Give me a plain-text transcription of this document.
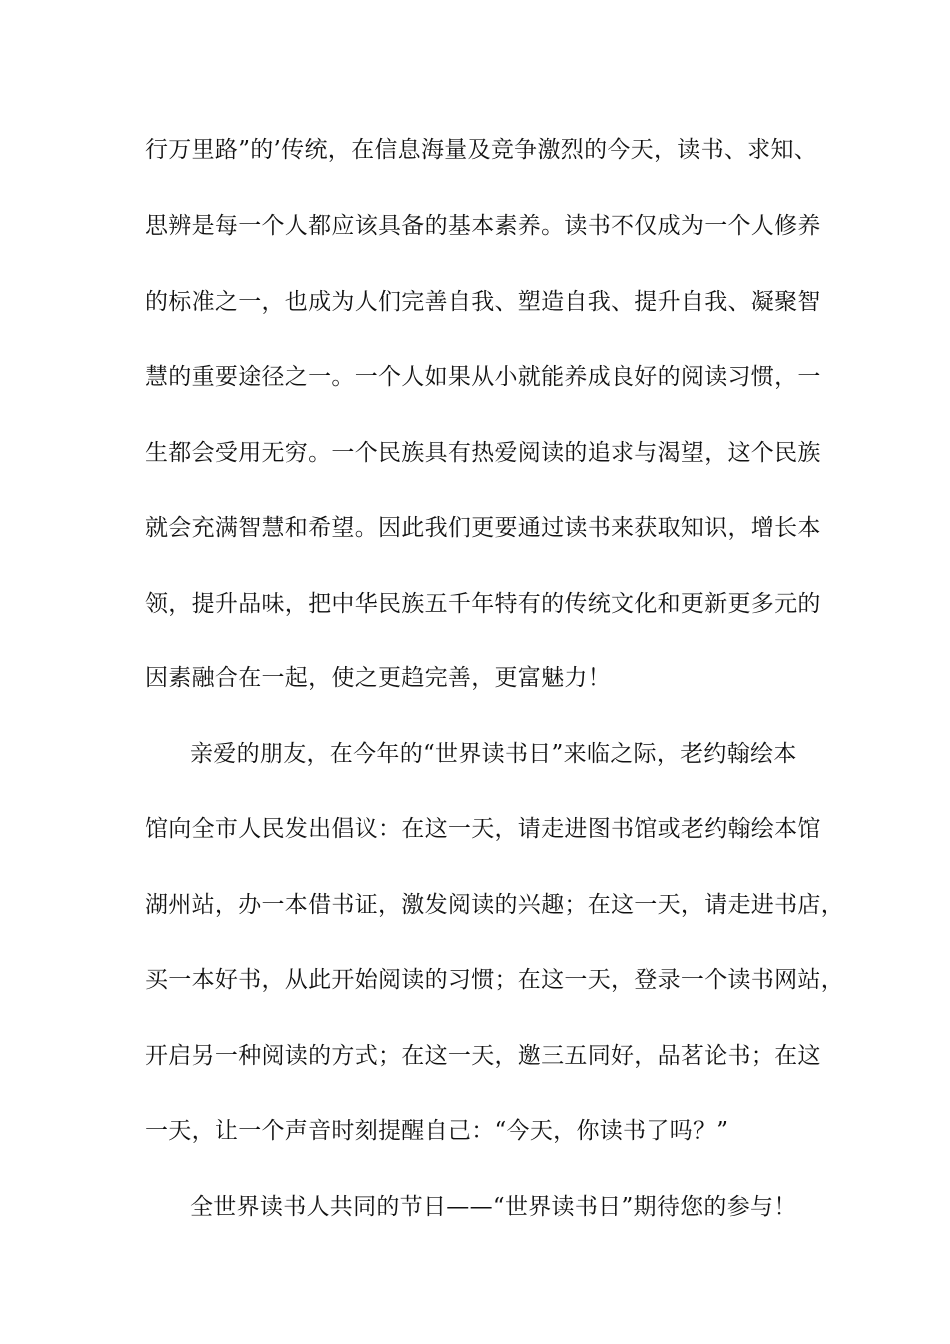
行万里路”的’传统，在信息海量及竞争激烈的今天，读书、求知、
思辨是每一个人都应该具备的基本素养。读书不仅成为一个人修养
的标准之一，也成为人们完善自我、塑造自我、提升自我、凝聚智
慧的重要途径之一。一个人如果从小就能养成良好的阅读习惯，一
生都会受用无穷。一个民族具有热爱阅读的追求与渴望，这个民族
就会充满智慧和希望。因此我们更要通过读书来获取知识，增长本
领，提升品味，把中华民族五千年特有的传统文化和更新更多元的
因素融合在一起，使之更趋完善，更富魅力！
亲爱的朋友，在今年的“世界读书日”来临之际，老约翰绘本
馆向全市人民发出倡议：在这一天，请走进图书馆或老约翰绘本馆
湖州站，办一本借书证，激发阅读的兴趣；在这一天，请走进书店，
买一本好书，从此开始阅读的习惯；在这一天，登录一个读书网站，
开启另一种阅读的方式；在这一天，邀三五同好，品茗论书；在这
一天，让一个声音时刻提醒自己：“今天，你读书了吗？”
全世界读书人共同的节日——“世界读书日”期待您的参与！
